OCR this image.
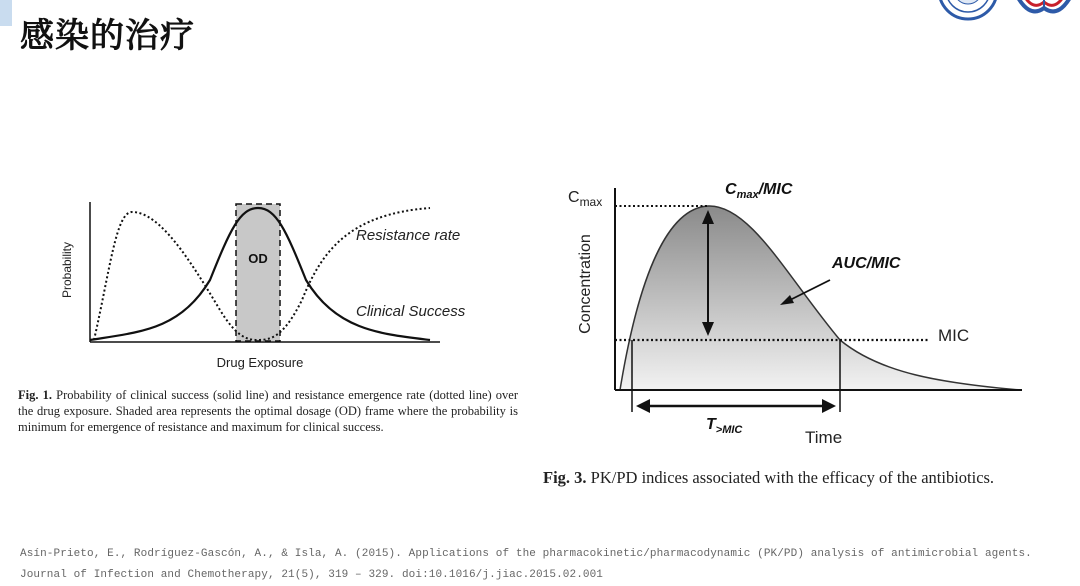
感染的治疗
OD
Resistance rate
Clinical Success
Probability
Drug Exposure
Fig. 1. Probability of clinical success (solid line) and resistance emergence rate (dotted line) over the drug exposure. Shaded area represents the optimal dosage (OD) frame where the probability is minimum for emergence of resistance and maximum for clinical success.
$C_{max}$
$C_{max}$/MIC
AUC/MIC
MIC
$T_{>MIC}$	Time
Concentration
Fig. 3. PK/PD indices associated with the efficacy of the antibiotics.
Asín-Prieto, E., Rodríguez-Gascón, A., & Isla, A. (2015). Applications of the pharmacokinetic/pharmacodynamic (PK/PD) analysis of antimicrobial agents. Journal of Infection and Chemotherapy, 21(5), 319 – 329. doi:10.1016/j.jiac.2015.02.001
